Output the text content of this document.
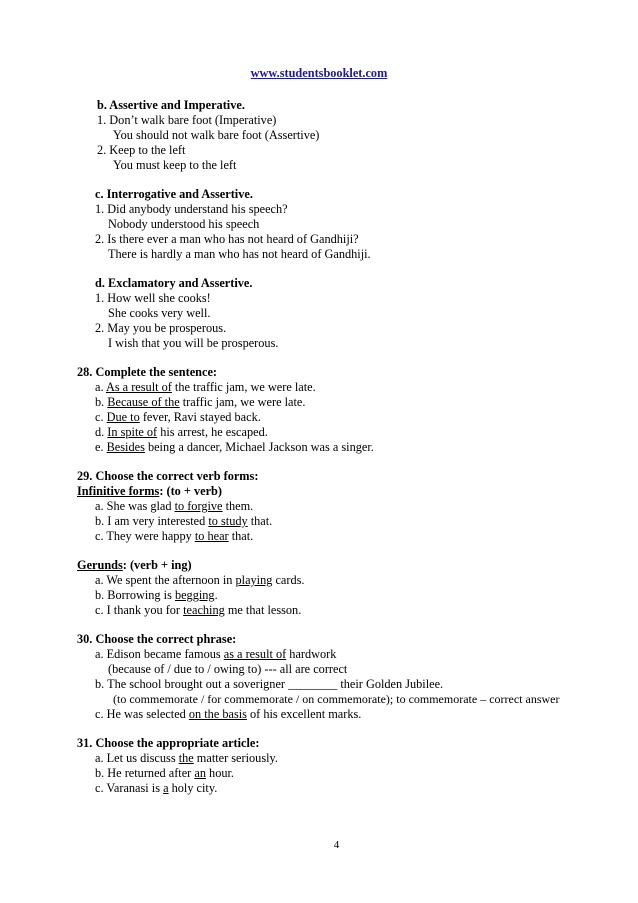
www.studentsbooklet.com
b. Assertive and Imperative.
1. Don’t walk bare foot (Imperative)
You should not walk bare foot (Assertive)
2. Keep to the left
You must keep to the left
c. Interrogative and Assertive.
1. Did anybody understand his speech?
Nobody understood his speech
2. Is there ever a man who has not heard of Gandhiji?
There is hardly a man who has not heard of Gandhiji.
d. Exclamatory and Assertive.
1. How well she cooks!
She cooks very well.
2. May you be prosperous.
I wish that you will be prosperous.
28. Complete the sentence:
a. As a result of the traffic jam, we were late.
b. Because of the traffic jam, we were late.
c. Due to fever, Ravi stayed back.
d. In spite of his arrest, he escaped.
e. Besides being a dancer, Michael Jackson was a singer.
29. Choose the correct verb forms:
Infinitive forms: (to + verb)
a. She was glad to forgive them.
b. I am very interested to study that.
c. They were happy to hear that.
Gerunds: (verb + ing)
a. We spent the afternoon in playing cards.
b. Borrowing is begging.
c. I thank you for teaching me that lesson.
30. Choose the correct phrase:
a. Edison became famous as a result of hardwork
(because of / due to / owing to) --- all are correct
b. The school brought out a soverigner ________ their Golden Jubilee.
(to commemorate / for commemorate / on commemorate); to commemorate – correct answer
c. He was selected on the basis of his excellent marks.
31. Choose the appropriate article:
a. Let us discuss the matter seriously.
b. He returned after an hour.
c. Varanasi is a holy city.
4
